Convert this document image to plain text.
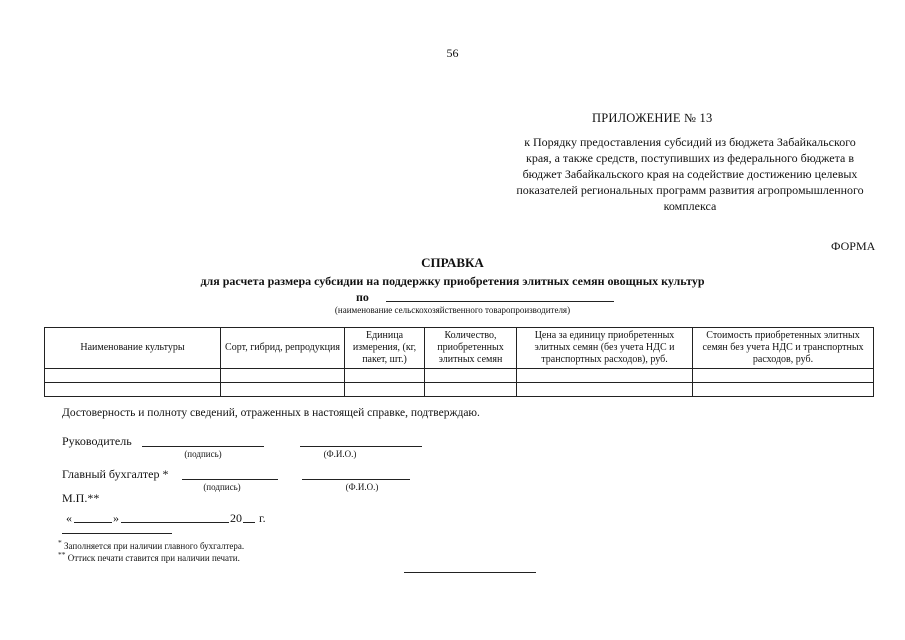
56
ПРИЛОЖЕНИЕ № 13
к Порядку предоставления субсидий из бюджета Забайкальского
края, а также средств, поступивших из федерального бюджета в
бюджет Забайкальского края на содействие достижению целевых
показателей региональных программ развития агропромышленного
комплекса
ФОРМА
СПРАВКА
для расчета размера субсидии на поддержку приобретения элитных семян овощных культур
по
(наименование сельскохозяйственного товаропроизводителя)
Наименование культуры	Сорт, гибрид, репродукция	Единица измерения, (кг, пакет, шт.)	Количество, приобретенных элитных семян	Цена за единицу приобретенных элитных семян (без учета НДС и транспортных расходов), руб.	Стоимость приобретенных элитных семян без учета НДС и транспортных расходов, руб.

Достоверность и полноту сведений, отраженных в настоящей справке, подтверждаю.
Руководитель
(подпись)	(Ф.И.О.)
Главный бухгалтер *
(подпись)	(Ф.И.О.)
М.П.**
«	»	20 г.
* Заполняется при наличии главного бухгалтера.
** Оттиск печати ставится при наличии печати.
